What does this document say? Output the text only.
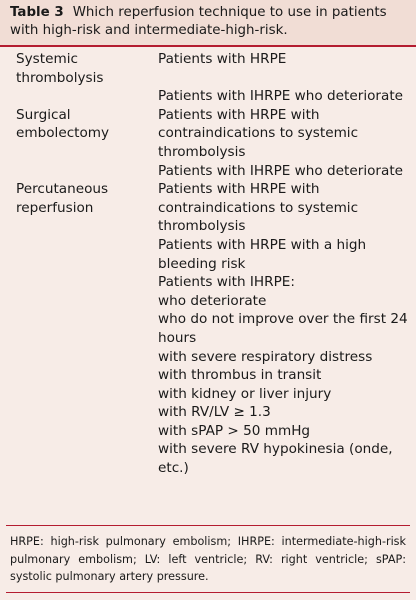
Table 3 Which reperfusion technique to use in patients with high-risk and intermediate-high-risk.
Systemic thrombolysis
Patients with HRPE
Patients with IHRPE who deteriorate
Surgical embolectomy
Patients with HRPE with contraindications to systemic thrombolysis
Patients with IHRPE who deteriorate
Percutaneous reperfusion
Patients with HRPE with contraindications to systemic thrombolysis
Patients with HRPE with a high bleeding risk
Patients with IHRPE:
who deteriorate
who do not improve over the first 24 hours
with severe respiratory distress
with thrombus in transit
with kidney or liver injury
with RV/LV ≥ 1.3
with sPAP > 50 mmHg
with severe RV hypokinesia (onde, etc.)
HRPE: high-risk pulmonary embolism; IHRPE: intermediate-high-risk pulmonary embolism; LV: left ventricle; RV: right ventricle; sPAP: systolic pulmonary artery pressure.
